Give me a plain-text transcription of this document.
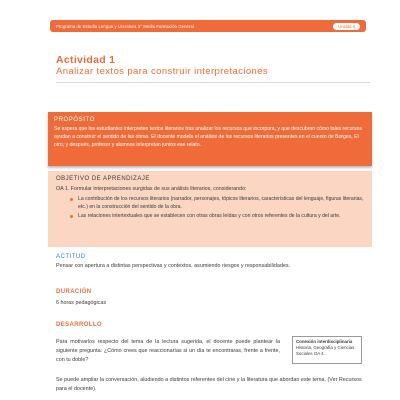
Programa de Estudio Lengua y Literatura 3° Medio Formación General	Unidad 3
Actividad 1
Analizar textos para construir interpretaciones
PROPÓSITO
Se espera que los estudiantes interpreten textos literarios tras analizar los recursos que incorpora, y que descubran cómo tales recursos ayudan a construir el sentido de las obras. El docente modela el análisis de los recursos literarios presentes en el cuento de Borges, El otro, y después, profesor y alumnos interpretan juntos ese relato.
OBJETIVO DE APRENDIZAJE
OA 1. Formular interpretaciones surgidas de sus análisis literarios, considerando:
La contribución de los recursos literarios (narrador, personajes, tópicos literarios, características del lenguaje, figuras literarias, etc.) en la construcción del sentido de la obra.
Las relaciones intertextuales que se establecen con otras obras leídas y con otros referentes de la cultura y del arte.
ACTITUD
Pensar con apertura a distintas perspectivas y contextos, asumiendo riesgos y responsabilidades.
DURACIÓN
6 horas pedagógicas
DESARROLLO
Para motivarlos respecto del tema de la lectura sugerida, el docente puede plantear la siguiente pregunta: ¿Cómo crees que reaccionarías si un día te encontraras, frente a frente, con tu doble?
Conexión interdisciplinaria
Historia, Geografía y Ciencias Sociales OA 4.
Se puede ampliar la conversación, aludiendo a distintos referentes del cine y la literatura que abordan este tema. (Ver Recursos para el docente).
